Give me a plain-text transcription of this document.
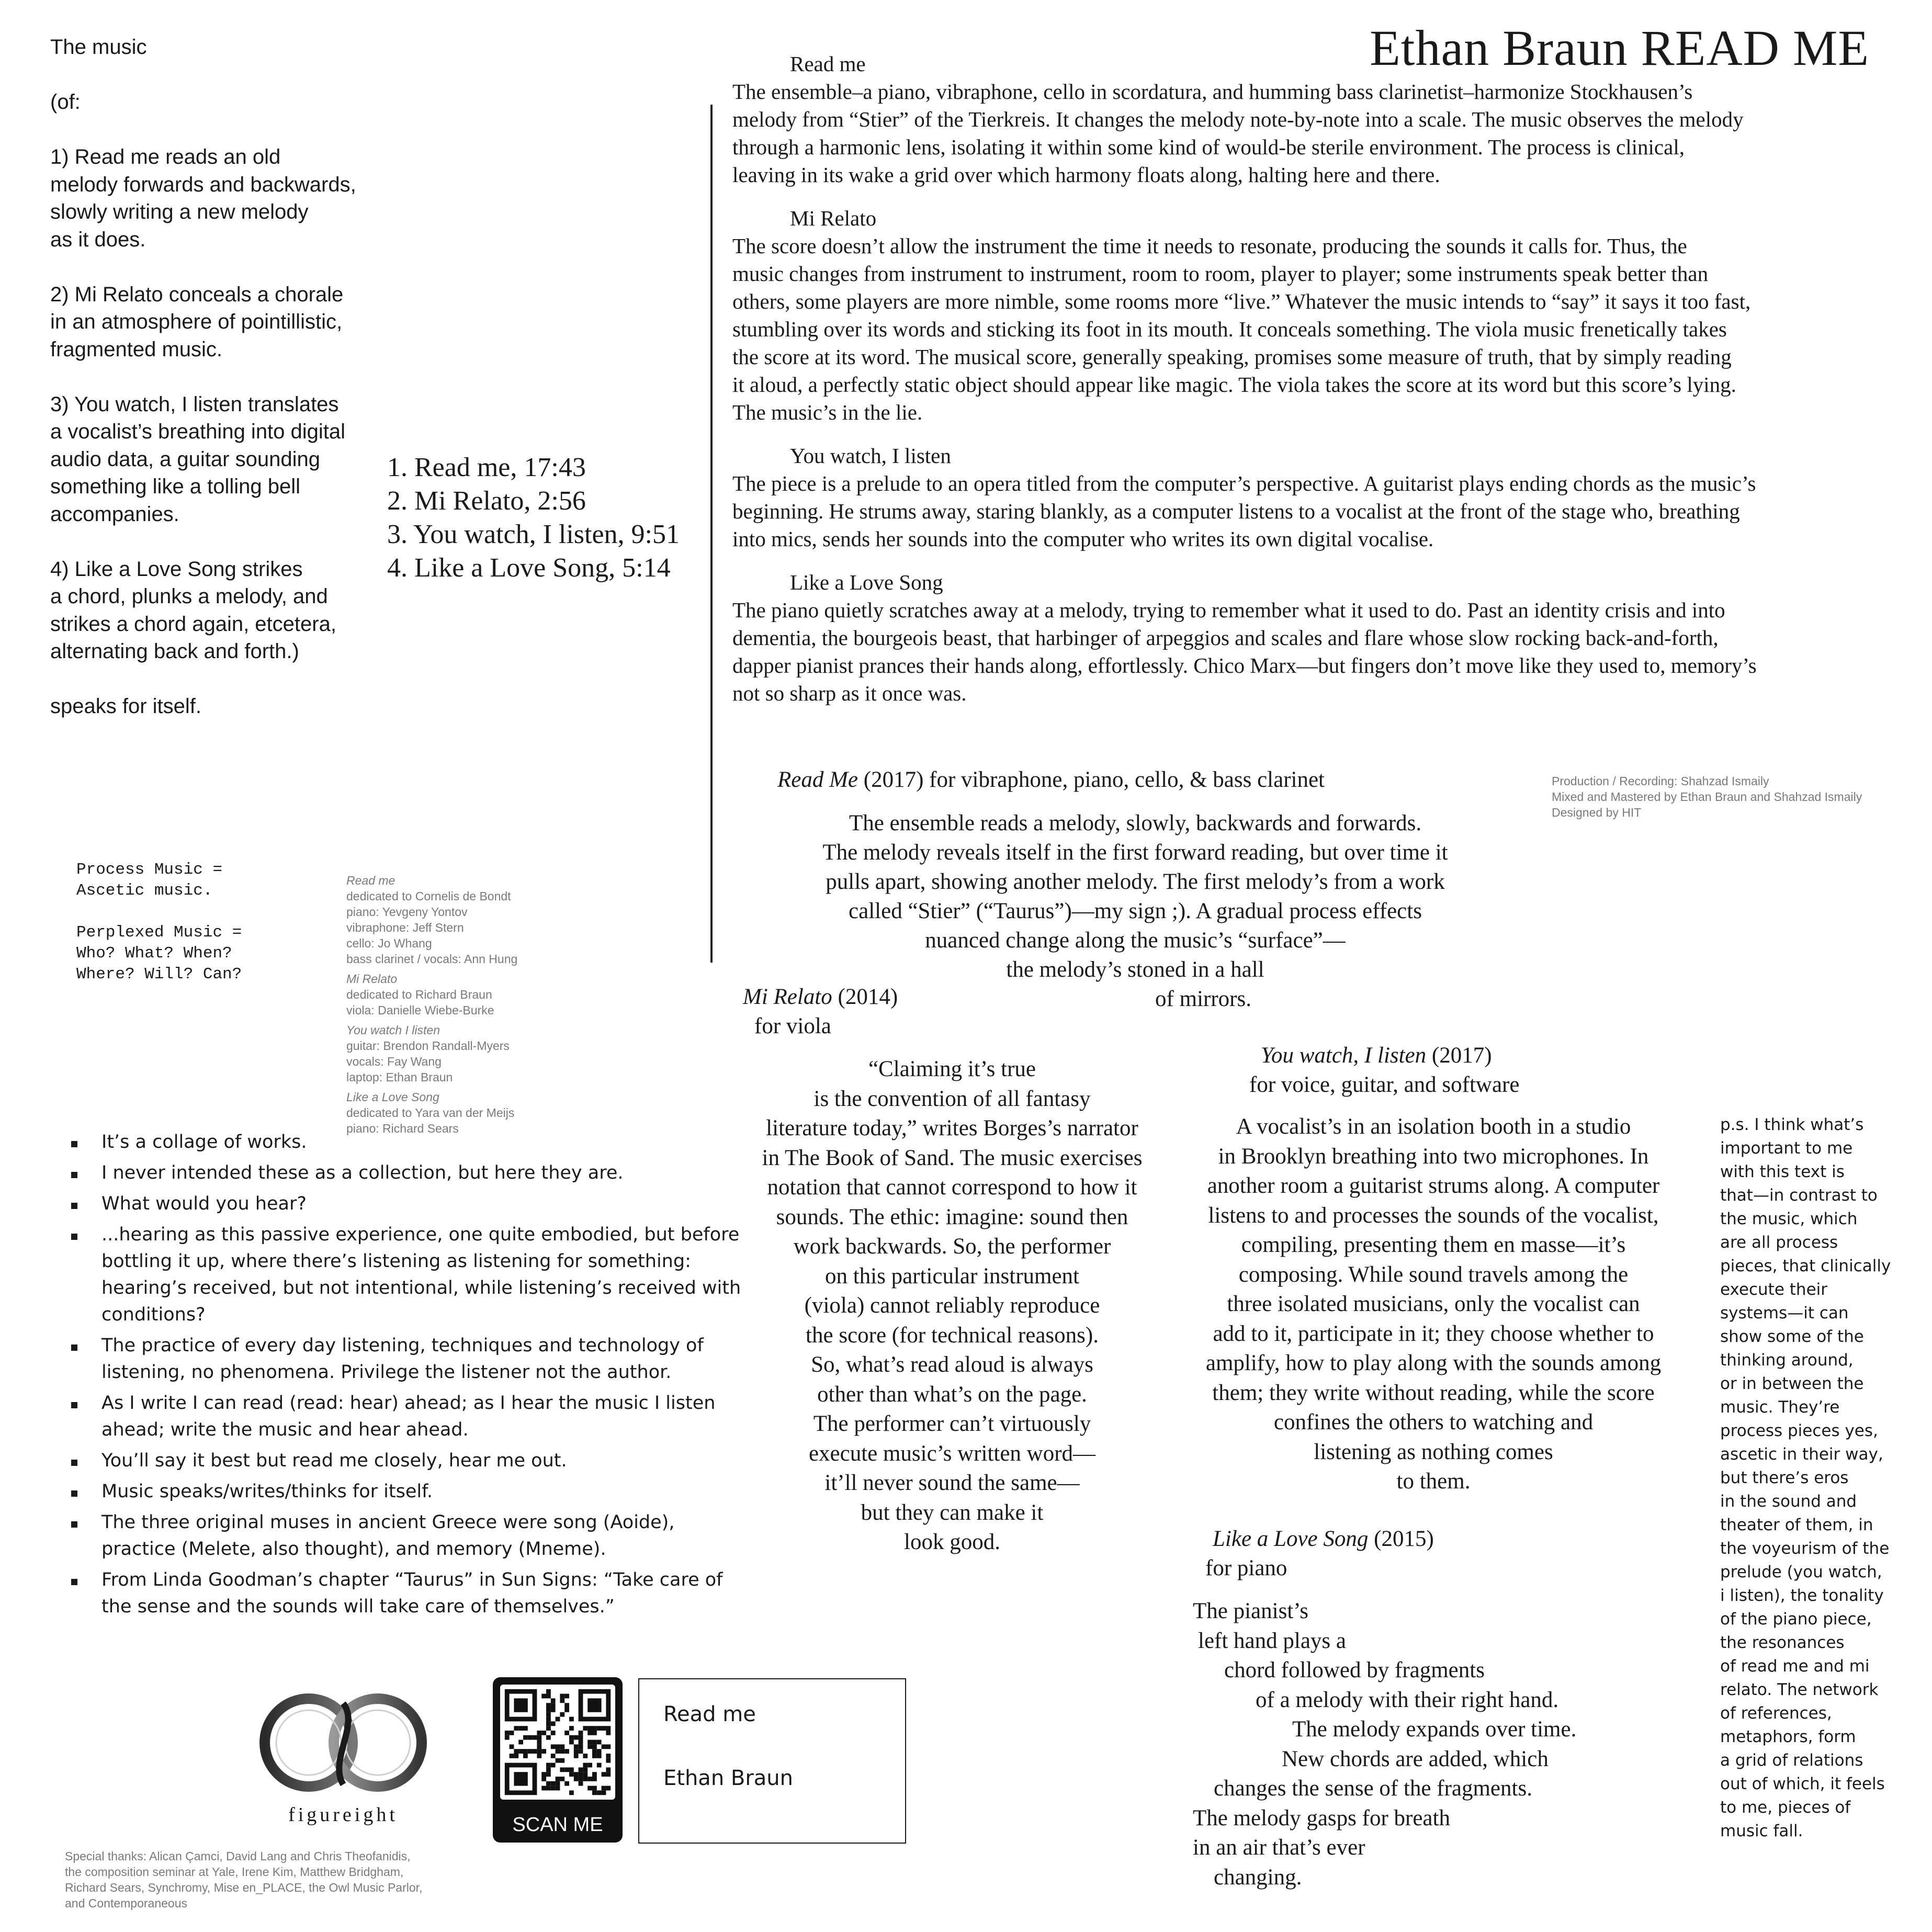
Ethan Braun READ ME
The music

(of:

1) Read me reads an old
melody forwards and backwards,
slowly writing a new melody
as it does.

2) Mi Relato conceals a chorale
in an atmosphere of pointillistic,
fragmented music.

3) You watch, I listen translates
a vocalist’s breathing into digital
audio data, a guitar sounding
something like a tolling bell
accompanies.

4) Like a Love Song strikes
a chord, plunks a melody, and
strikes a chord again, etcetera,
alternating back and forth.)

speaks for itself.
1. Read me, 17:43
2. Mi Relato, 2:56
3. You watch, I listen, 9:51
4. Like a Love Song, 5:14
Read me
The ensemble–a piano, vibraphone, cello in scordatura, and humming bass clarinetist–harmonize Stockhausen’s
melody from “Stier” of the Tierkreis. It changes the melody note-by-note into a scale. The music observes the melody
through a harmonic lens, isolating it within some kind of would-be sterile environment. The process is clinical,
leaving in its wake a grid over which harmony floats along, halting here and there.
Mi Relato
The score doesn’t allow the instrument the time it needs to resonate, producing the sounds it calls for. Thus, the
music changes from instrument to instrument, room to room, player to player; some instruments speak better than
others, some players are more nimble, some rooms more “live.” Whatever the music intends to “say” it says it too fast,
stumbling over its words and sticking its foot in its mouth. It conceals something. The viola music frenetically takes
the score at its word. The musical score, generally speaking, promises some measure of truth, that by simply reading
it aloud, a perfectly static object should appear like magic. The viola takes the score at its word but this score’s lying.
The music’s in the lie.
You watch, I listen
The piece is a prelude to an opera titled from the computer’s perspective. A guitarist plays ending chords as the music’s
beginning. He strums away, staring blankly, as a computer listens to a vocalist at the front of the stage who, breathing
into mics, sends her sounds into the computer who writes its own digital vocalise.
Like a Love Song
The piano quietly scratches away at a melody, trying to remember what it used to do. Past an identity crisis and into
dementia, the bourgeois beast, that harbinger of arpeggios and scales and flare whose slow rocking back-and-forth,
dapper pianist prances their hands along, effortlessly. Chico Marx—but fingers don’t move like they used to, memory’s
not so sharp as it once was.
Production / Recording: Shahzad Ismaily
Mixed and Mastered by Ethan Braun and Shahzad Ismaily
Designed by HIT
Process Music =
Ascetic music.

Perplexed Music =
Who? What? When?
Where? Will? Can?
Read me
dedicated to Cornelis de Bondt
piano: Yevgeny Yontov
vibraphone: Jeff Stern
cello: Jo Whang
bass clarinet / vocals: Ann Hung
Mi Relato
dedicated to Richard Braun
viola: Danielle Wiebe-Burke
You watch I listen
guitar: Brendon Randall-Myers
vocals: Fay Wang
laptop: Ethan Braun
Like a Love Song
dedicated to Yara van der Meijs
piano: Richard Sears
Read Me (2017) for vibraphone, piano, cello, & bass clarinet
The ensemble reads a melody, slowly, backwards and forwards.
The melody reveals itself in the first forward reading, but over time it
pulls apart, showing another melody. The first melody’s from a work
called “Stier” (“Taurus”)—my sign ;). A gradual process effects
nuanced change along the music’s “surface”—
the melody’s stoned in a hall
of mirrors.
Mi Relato (2014)
for viola
“Claiming it’s true
is the convention of all fantasy
literature today,” writes Borges’s narrator
in The Book of Sand. The music exercises
notation that cannot correspond to how it
sounds. The ethic: imagine: sound then
work backwards. So, the performer
on this particular instrument
(viola) cannot reliably reproduce
the score (for technical reasons).
So, what’s read aloud is always
other than what’s on the page.
The performer can’t virtuously
execute music’s written word—
it’ll never sound the same—
but they can make it
look good.
You watch, I listen (2017)
for voice, guitar, and software
A vocalist’s in an isolation booth in a studio
in Brooklyn breathing into two microphones. In
another room a guitarist strums along. A computer
listens to and processes the sounds of the vocalist,
compiling, presenting them en masse—it’s
composing. While sound travels among the
three isolated musicians, only the vocalist can
add to it, participate in it; they choose whether to
amplify, how to play along with the sounds among
them; they write without reading, while the score
confines the others to watching and
listening as nothing comes
to them.
Like a Love Song (2015)
for piano
The pianist’s
left hand plays a
chord followed by fragments
of a melody with their right hand.
The melody expands over time.
New chords are added, which
changes the sense of the fragments.
The melody gasps for breath
in an air that’s ever
changing.
It’s a collage of works.
I never intended these as a collection, but here they are.
What would you hear?
...hearing as this passive experience, one quite embodied, but before bottling it up, where there’s listening as listening for something: hearing’s received, but not intentional, while listening’s received with conditions?
The practice of every day listening, techniques and technology of listening, no phenomena. Privilege the listener not the author.
As I write I can read (read: hear) ahead; as I hear the music I listen ahead; write the music and hear ahead.
You’ll say it best but read me closely, hear me out.
Music speaks/writes/thinks for itself.
The three original muses in ancient Greece were song (Aoide), practice (Melete, also thought), and memory (Mneme).
From Linda Goodman’s chapter “Taurus” in Sun Signs: “Take care of the sense and the sounds will take care of themselves.”
p.s. I think what’s
important to me
with this text is
that—in contrast to
the music, which
are all process
pieces, that clinically
execute their
systems—it can
show some of the
thinking around,
or in between the
music. They’re
process pieces yes,
ascetic in their way,
but there’s eros
in the sound and
theater of them, in
the voyeurism of the
prelude (you watch,
i listen), the tonality
of the piano piece,
the resonances
of read me and mi
relato. The network
of references,
metaphors, form
a grid of relations
out of which, it feels
to me, pieces of
music fall.
figureight	SCAN ME
Read me
Ethan Braun
Special thanks: Alican Çamci, David Lang and Chris Theofanidis,
the composition seminar at Yale, Irene Kim, Matthew Bridgham,
Richard Sears, Synchromy, Mise en_PLACE, the Owl Music Parlor,
and Contemporaneous
